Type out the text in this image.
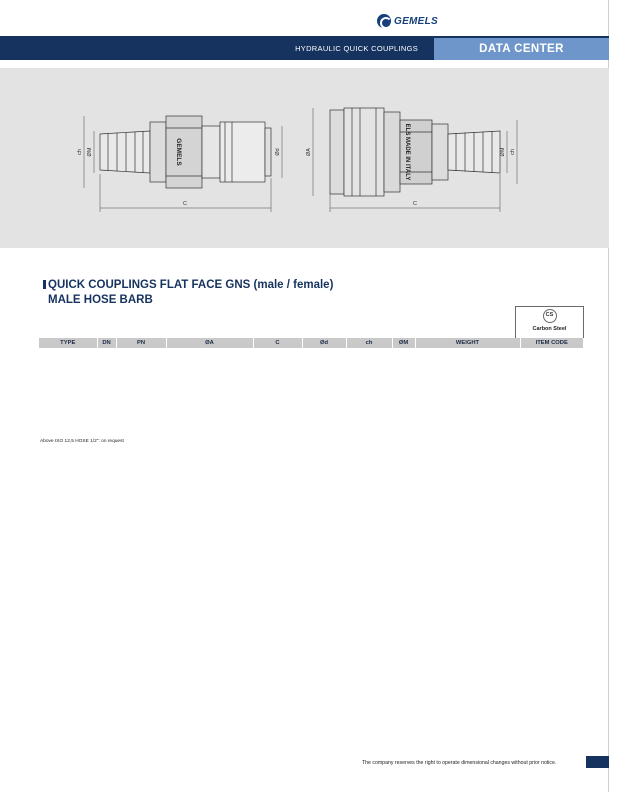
GEMELS
HYDRAULIC QUICK COUPLINGS	DATA CENTER
GEMELS
ch ØM	Ød
C
ELS MADE IN ITALY
ØA	ØM ch
C
QUICK COUPLINGS FLAT FACE GNS (male / female)
MALE HOSE BARB
CS
Carbon Steel
TYPE	DN	PN	ØA	C	Ød	ch	ØM	WEIGHT	ITEM CODE
Above ISO 12,5 HOSE 1/2": on request
The company reserves the right to operate dimensional changes without prior notice.
